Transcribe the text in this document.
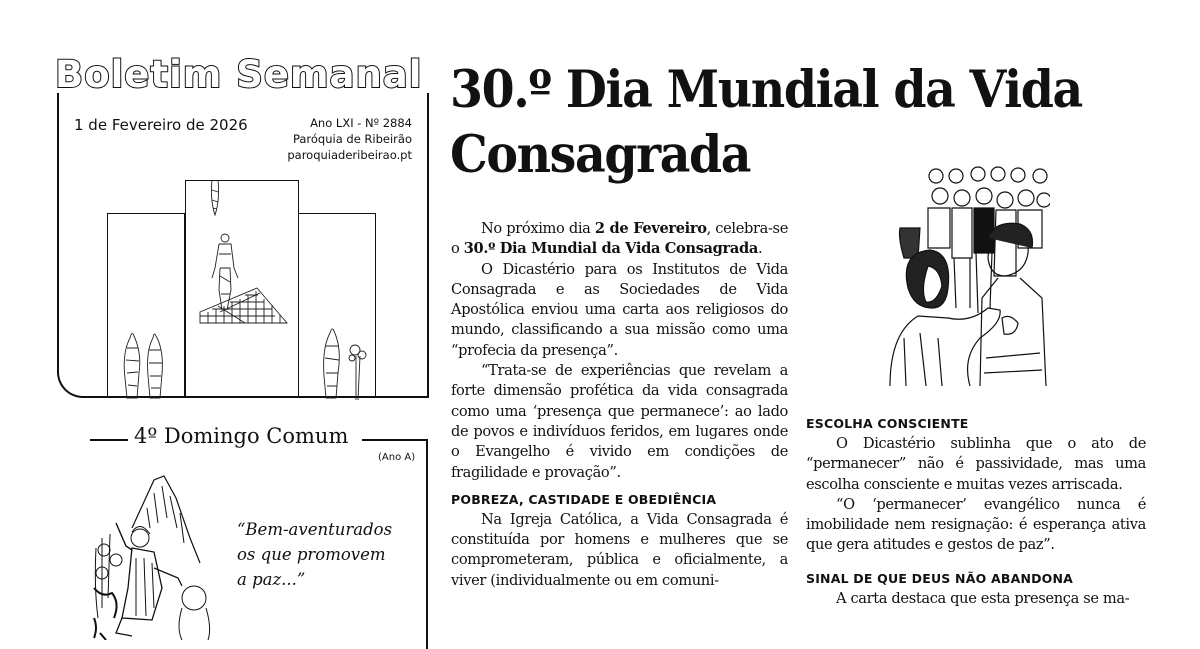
Boletim Semanal
1 de Fevereiro de 2026	Ano LXI - Nº 2884
Paróquia de Ribeirão
paroquiaderibeirao.pt
4º Domingo Comum
(Ano A)
“Bem-aventurados
os que promovem
a paz...”
30.º Dia Mundial da Vida
Consagrada

No próximo dia 2 de Fevereiro, celebra-se o 30.º Dia Mundial da Vida Consagrada.

O Dicastério para os Institutos de Vida Consagrada e as Sociedades de Vida Apostólica enviou uma carta aos religiosos do mundo, classificando a sua missão como uma “profecia da presença”.

“Trata-se de experiências que revelam a forte dimensão profética da vida consagrada como uma ‘presença que permanece’: ao lado de povos e indivíduos feridos, em lugares onde o Evangelho é vivido em condições de fragilidade e provação”.

POBREZA, CASTIDADE E OBEDIÊNCIA

Na Igreja Católica, a Vida Consagrada é constituída por homens e mulheres que se comprometeram, pública e oficialmente, a viver (individualmente ou em comuni-

ESCOLHA CONSCIENTE

O Dicastério sublinha que o ato de “permanecer” não é passividade, mas uma escolha consciente e muitas vezes arriscada.

“O ‘permanecer’ evangélico nunca é imobilidade nem resignação: é esperança ativa que gera atitudes e gestos de paz”.

SINAL DE QUE DEUS NÃO ABANDONA

A carta destaca que esta presença se ma-
